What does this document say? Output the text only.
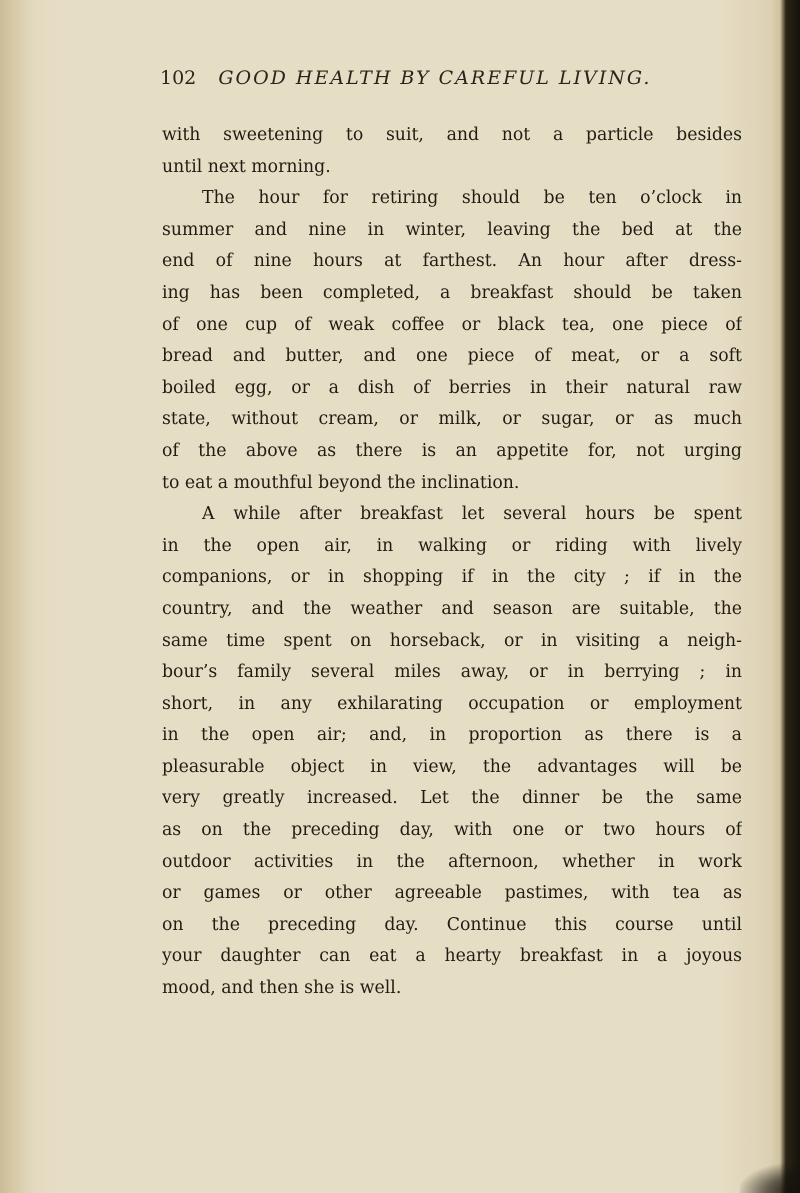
102 GOOD HEALTH BY CAREFUL LIVING.
with sweetening to suit, and not a particle besides
until next morning.
The hour for retiring should be ten o’clock in
summer and nine in winter, leaving the bed at the
end of nine hours at farthest. An hour after dress-
ing has been completed, a breakfast should be taken
of one cup of weak coffee or black tea, one piece of
bread and butter, and one piece of meat, or a soft
boiled egg, or a dish of berries in their natural raw
state, without cream, or milk, or sugar, or as much
of the above as there is an appetite for, not urging
to eat a mouthful beyond the inclination.
A while after breakfast let several hours be spent
in the open air, in walking or riding with lively
companions, or in shopping if in the city ; if in the
country, and the weather and season are suitable, the
same time spent on horseback, or in visiting a neigh-
bour’s family several miles away, or in berrying ; in
short, in any exhilarating occupation or employment
in the open air; and, in proportion as there is a
pleasurable object in view, the advantages will be
very greatly increased. Let the dinner be the same
as on the preceding day, with one or two hours of
outdoor activities in the afternoon, whether in work
or games or other agreeable pastimes, with tea as
on the preceding day. Continue this course until
your daughter can eat a hearty breakfast in a joyous
mood, and then she is well.
